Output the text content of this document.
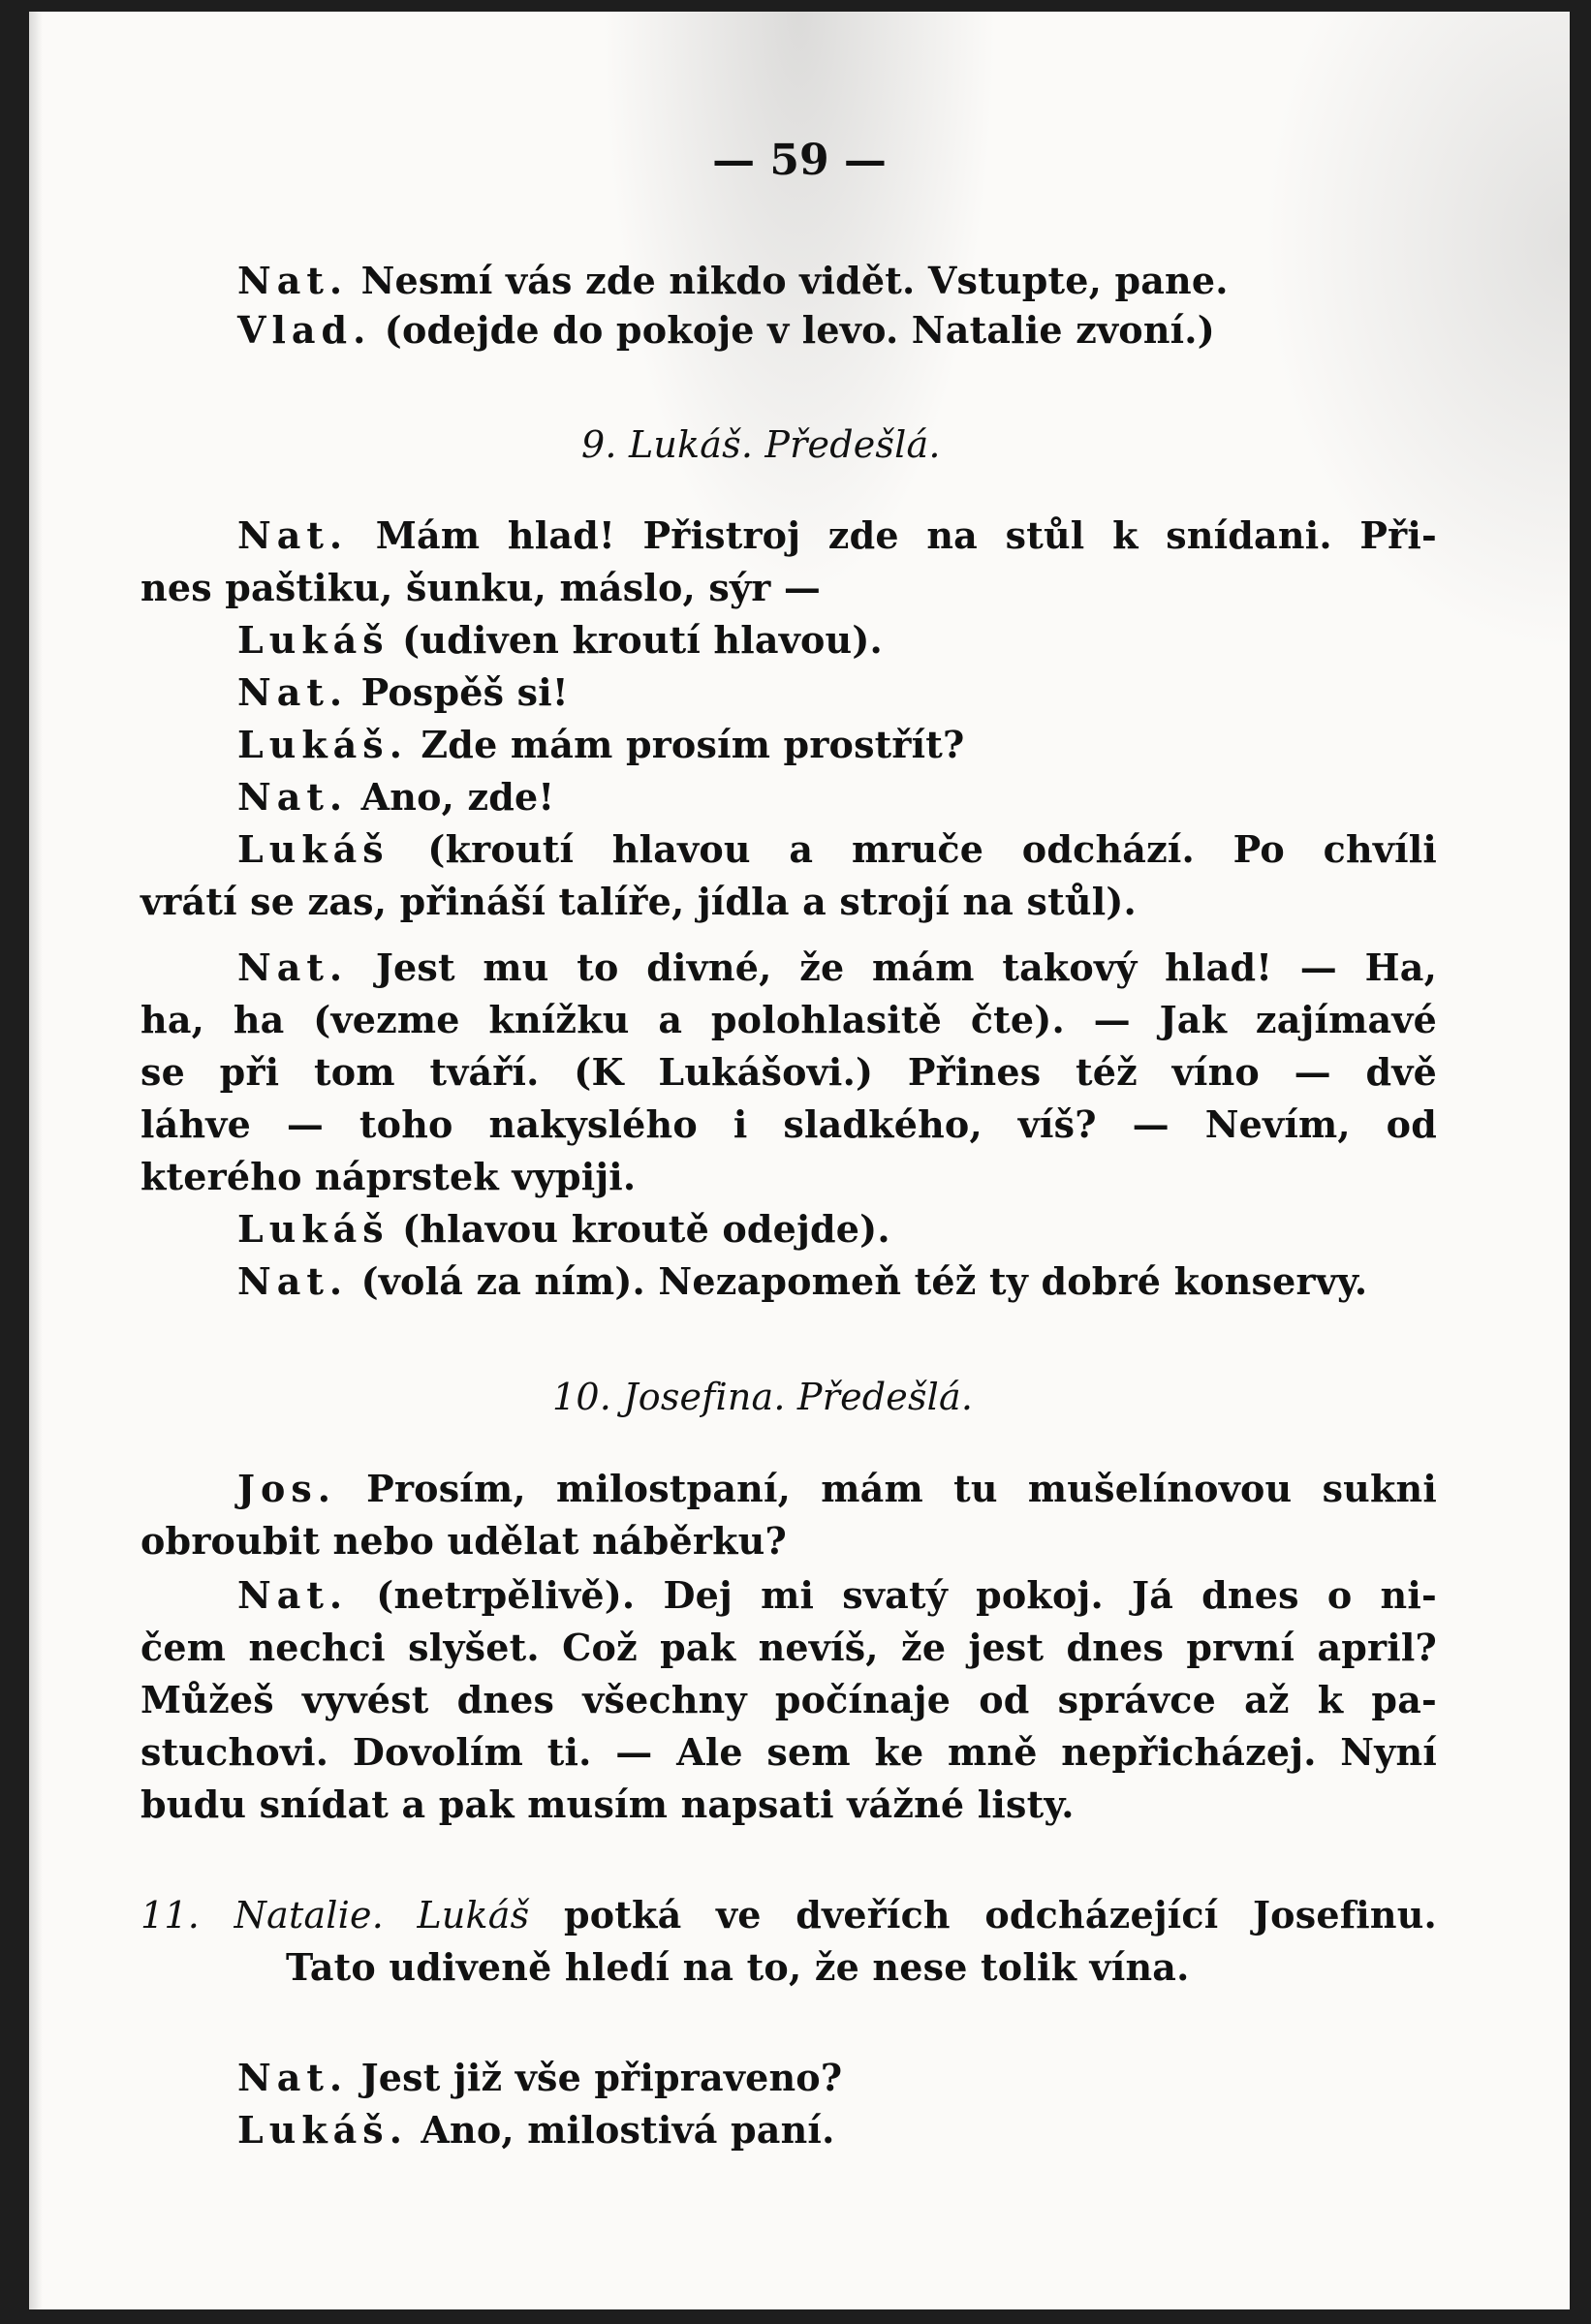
— 59 —
Nat. Nesmí vás zde nikdo vidět. Vstupte, pane.
Vlad. (odejde do pokoje v levo. Natalie zvoní.)
9. Lukáš. Předešlá.
Nat. Mám hlad! Přistroj zde na stůl k snídani. Při-
nes paštiku, šunku, máslo, sýr —
Lukáš (udiven kroutí hlavou).
Nat. Pospěš si!
Lukáš. Zde mám prosím prostřít?
Nat. Ano, zde!
Lukáš (kroutí hlavou a mruče odchází. Po chvíli
vrátí se zas, přináší talíře, jídla a strojí na stůl).
Nat. Jest mu to divné, že mám takový hlad! — Ha,
ha, ha (vezme knížku a polohlasitě čte). — Jak zajímavé
se při tom tváří. (K Lukášovi.) Přines též víno — dvě
láhve — toho nakyslého i sladkého, víš? — Nevím, od
kterého náprstek vypiji.
Lukáš (hlavou kroutě odejde).
Nat. (volá za ním). Nezapomeň též ty dobré konservy.
10. Josefina. Předešlá.
Jos. Prosím, milostpaní, mám tu mušelínovou sukni
obroubit nebo udělat náběrku?
Nat. (netrpělivě). Dej mi svatý pokoj. Já dnes o ni-
čem nechci slyšet. Což pak nevíš, že jest dnes první april?
Můžeš vyvést dnes všechny počínaje od správce až k pa-
stuchovi. Dovolím ti. — Ale sem ke mně nepřicházej. Nyní
budu snídat a pak musím napsati vážné listy.
11. Natalie. Lukáš potká ve dveřích odcházející Josefinu.
Tato udiveně hledí na to, že nese tolik vína.
Nat. Jest již vše připraveno?
Lukáš. Ano, milostivá paní.
